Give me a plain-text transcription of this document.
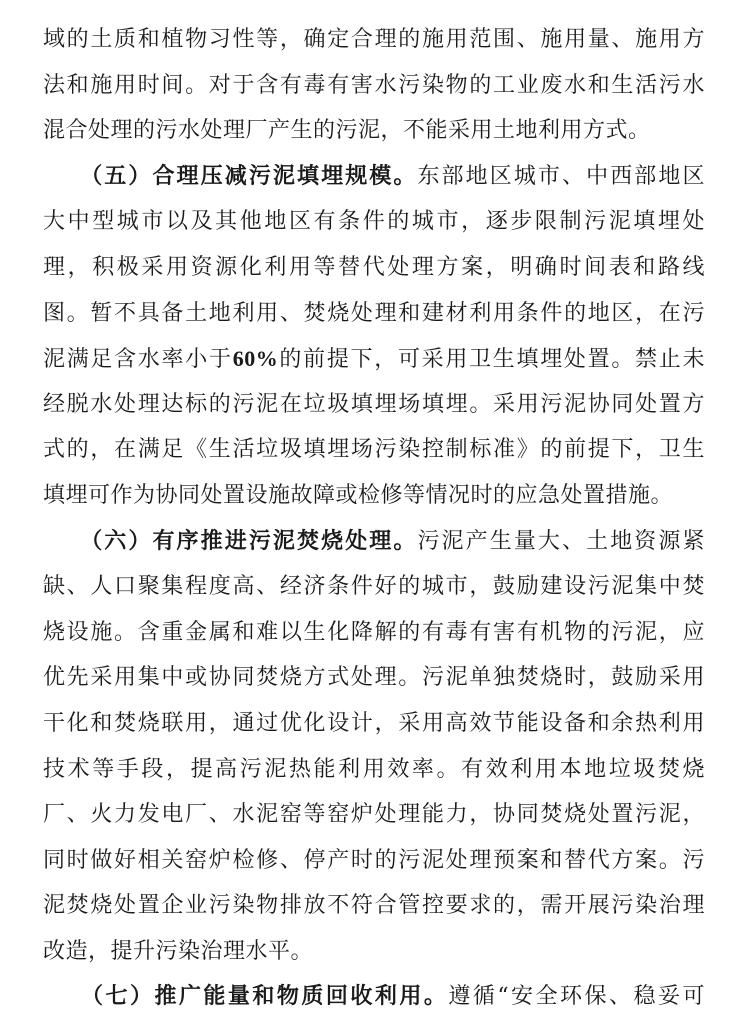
域的土质和植物习性等，确定合理的施用范围、施用量、施用方
法和施用时间。对于含有毒有害水污染物的工业废水和生活污水
混合处理的污水处理厂产生的污泥，不能采用土地利用方式。
　　（五）合理压减污泥填埋规模。东部地区城市、中西部地区
大中型城市以及其他地区有条件的城市，逐步限制污泥填埋处
理，积极采用资源化利用等替代处理方案，明确时间表和路线
图。暂不具备土地利用、焚烧处理和建材利用条件的地区，在污
泥满足含水率小于60%的前提下，可采用卫生填埋处置。禁止未
经脱水处理达标的污泥在垃圾填埋场填埋。采用污泥协同处置方
式的，在满足《生活垃圾填埋场污染控制标准》的前提下，卫生
填埋可作为协同处置设施故障或检修等情况时的应急处置措施。
　　（六）有序推进污泥焚烧处理。污泥产生量大、土地资源紧
缺、人口聚集程度高、经济条件好的城市，鼓励建设污泥集中焚
烧设施。含重金属和难以生化降解的有毒有害有机物的污泥，应
优先采用集中或协同焚烧方式处理。污泥单独焚烧时，鼓励采用
干化和焚烧联用，通过优化设计，采用高效节能设备和余热利用
技术等手段，提高污泥热能利用效率。有效利用本地垃圾焚烧
厂、火力发电厂、水泥窑等窑炉处理能力，协同焚烧处置污泥，
同时做好相关窑炉检修、停产时的污泥处理预案和替代方案。污
泥焚烧处置企业污染物排放不符合管控要求的，需开展污染治理
改造，提升污染治理水平。
　　（七）推广能量和物质回收利用。遵循“安全环保、稳妥可
